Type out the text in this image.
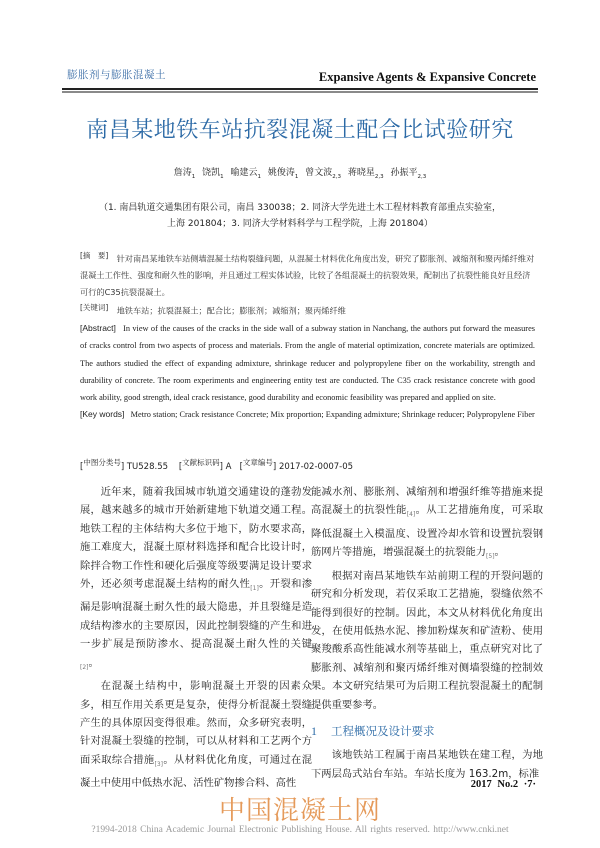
膨胀剂与膨胀混凝土	Expansive Agents & Expansive Concrete
南昌某地铁车站抗裂混凝土配合比试验研究
詹涛$_1$ 饶凯$_1$ 喻建云$_1$ 姚俊涛$_1$ 曾文波$_{2,3}$ 蒋晓星$_{2,3}$ 孙振平$_{2,3}$
（1. 南昌轨道交通集团有限公司，南昌 330038；2. 同济大学先进土木工程材料教育部重点实验室，
上海 201804；3. 同济大学材料科学与工程学院，上海 201804）
[摘　要]　 针对南昌某地铁车站侧墙混凝土结构裂缝问题，从混凝土材料优化角度出发，研究了膨胀剂、减缩剂和聚丙烯纤维对混凝土工作性、强度和耐久性的影响，并且通过工程实体试验，比较了各组混凝土的抗裂效果，配制出了抗裂性能良好且经济可行的C35抗裂混凝土。
[关键词]　 地铁车站；抗裂混凝土；配合比；膨胀剂；减缩剂；聚丙烯纤维
[Abstract] In view of the causes of the cracks in the side wall of a subway station in Nanchang, the authors put forward the measures of cracks control from two aspects of process and materials. From the angle of material optimization, concrete materials are optimized. The authors studied the effect of expanding admixture, shrinkage reducer and polypropylene fiber on the workability, strength and durability of concrete. The room experiments and engineering entity test are conducted. The C35 crack resistance concrete with good work ability, good strength, ideal crack resistance, good durability and economic feasibility was prepared and applied on site.
[Key words] Metro station; Crack resistance Concrete; Mix proportion; Expanding admixture; Shrinkage reducer; Polypropylene Fiber
[中图分类号] TU528.55    [文献标识码] A   [文章编号] 2017-02-0007-05

近年来，随着我国城市轨道交通建设的蓬勃发展，越来越多的城市开始新建地下轨道交通工程。地铁工程的主体结构大多位于地下，防水要求高，施工难度大，混凝土原材料选择和配合比设计时，除拌合物工作性和硬化后强度等级要满足设计要求外，还必须考虑混凝土结构的耐久性$_{[1]}$。开裂和渗漏是影响混凝土耐久性的最大隐患，并且裂缝是造成结构渗水的主要原因，因此控制裂缝的产生和进一步扩展是预防渗水、提高混凝土耐久性的关键$_{[2]}$。

在混凝土结构中，影响混凝土开裂的因素众多，相互作用关系更是复杂，使得分析混凝土裂缝产生的具体原因变得很难。然而，众多研究表明，针对混凝土裂缝的控制，可以从材料和工艺两个方面采取综合措施$_{[3]}$。从材料优化角度，可通过在混凝土中使用中低热水泥、活性矿物掺合料、高性

能减水剂、膨胀剂、减缩剂和增强纤维等措施来提高混凝土的抗裂性能$_{[4]}$。从工艺措施角度，可采取降低混凝土入模温度、设置冷却水管和设置抗裂钢筋网片等措施，增强混凝土的抗裂能力$_{[5]}$。

根据对南昌某地铁车站前期工程的开裂问题的研究和分析发现，若仅采取工艺措施，裂缝依然不能得到很好的控制。因此，本文从材料优化角度出发，在使用低热水泥、掺加粉煤灰和矿渣粉、使用聚羧酸系高性能减水剂等基础上，重点研究对比了膨胀剂、减缩剂和聚丙烯纤维对侧墙裂缝的控制效果。本文研究结果可为后期工程抗裂混凝土的配制提供重要参考。

1 工程概况及设计要求

该地铁站工程属于南昌某地铁在建工程，为地下两层岛式站台车站。车站长度为 163.2m，标准

2017 No.2 ·7·
中国混凝土网
?1994-2018 China Academic Journal Electronic Publishing House. All rights reserved. http://www.cnki.net
